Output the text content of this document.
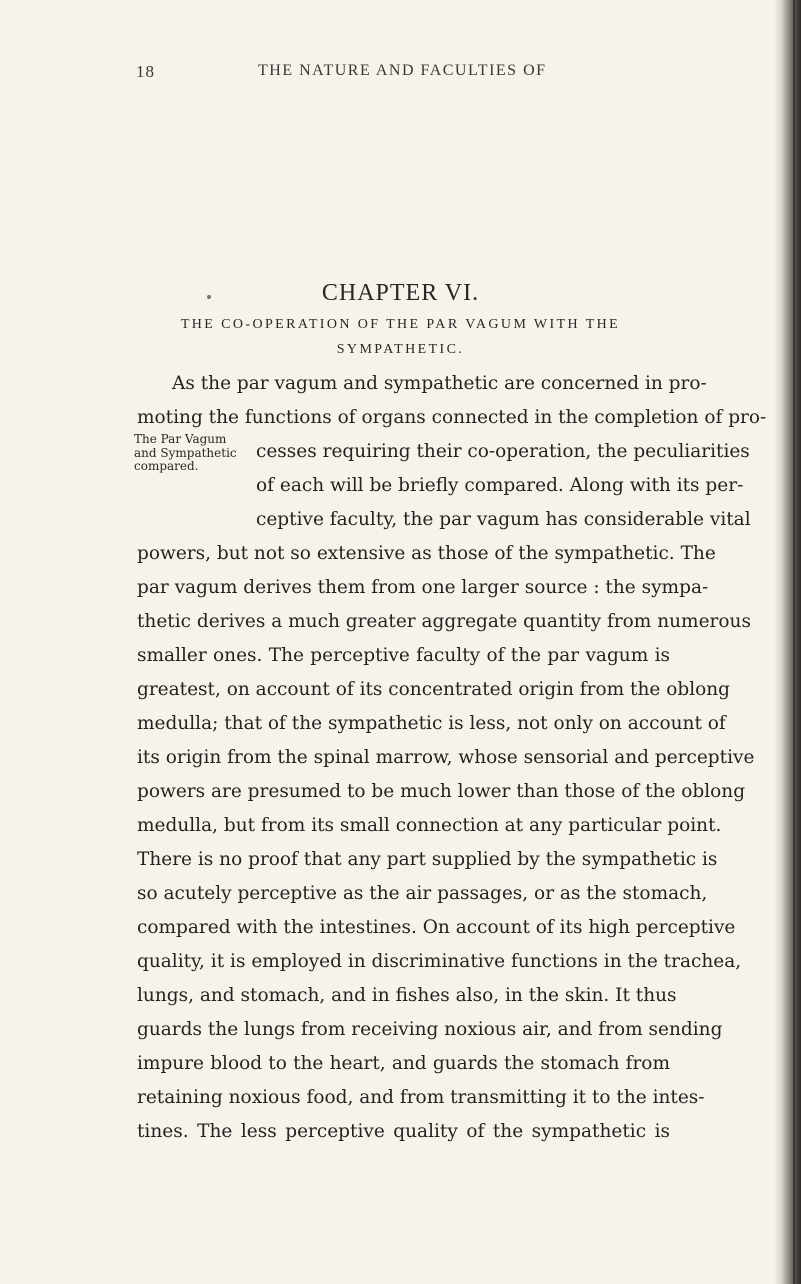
18	THE NATURE AND FACULTIES OF
CHAPTER VI.
THE CO-OPERATION OF THE PAR VAGUM WITH THE
SYMPATHETIC.
The Par Vagum
and Sympathetic
compared.
As the par vagum and sympathetic are concerned in pro-
moting the functions of organs connected in the completion of pro-
cesses requiring their co-operation, the peculiarities
of each will be briefly compared. Along with its per-
ceptive faculty, the par vagum has considerable vital
powers, but not so extensive as those of the sympathetic. The
par vagum derives them from one larger source : the sympa-
thetic derives a much greater aggregate quantity from numerous
smaller ones. The perceptive faculty of the par vagum is
greatest, on account of its concentrated origin from the oblong
medulla; that of the sympathetic is less, not only on account of
its origin from the spinal marrow, whose sensorial and perceptive
powers are presumed to be much lower than those of the oblong
medulla, but from its small connection at any particular point.
There is no proof that any part supplied by the sympathetic is
so acutely perceptive as the air passages, or as the stomach,
compared with the intestines. On account of its high perceptive
quality, it is employed in discriminative functions in the trachea,
lungs, and stomach, and in fishes also, in the skin. It thus
guards the lungs from receiving noxious air, and from sending
impure blood to the heart, and guards the stomach from
retaining noxious food, and from transmitting it to the intes-
tines. The less perceptive quality of the sympathetic is
